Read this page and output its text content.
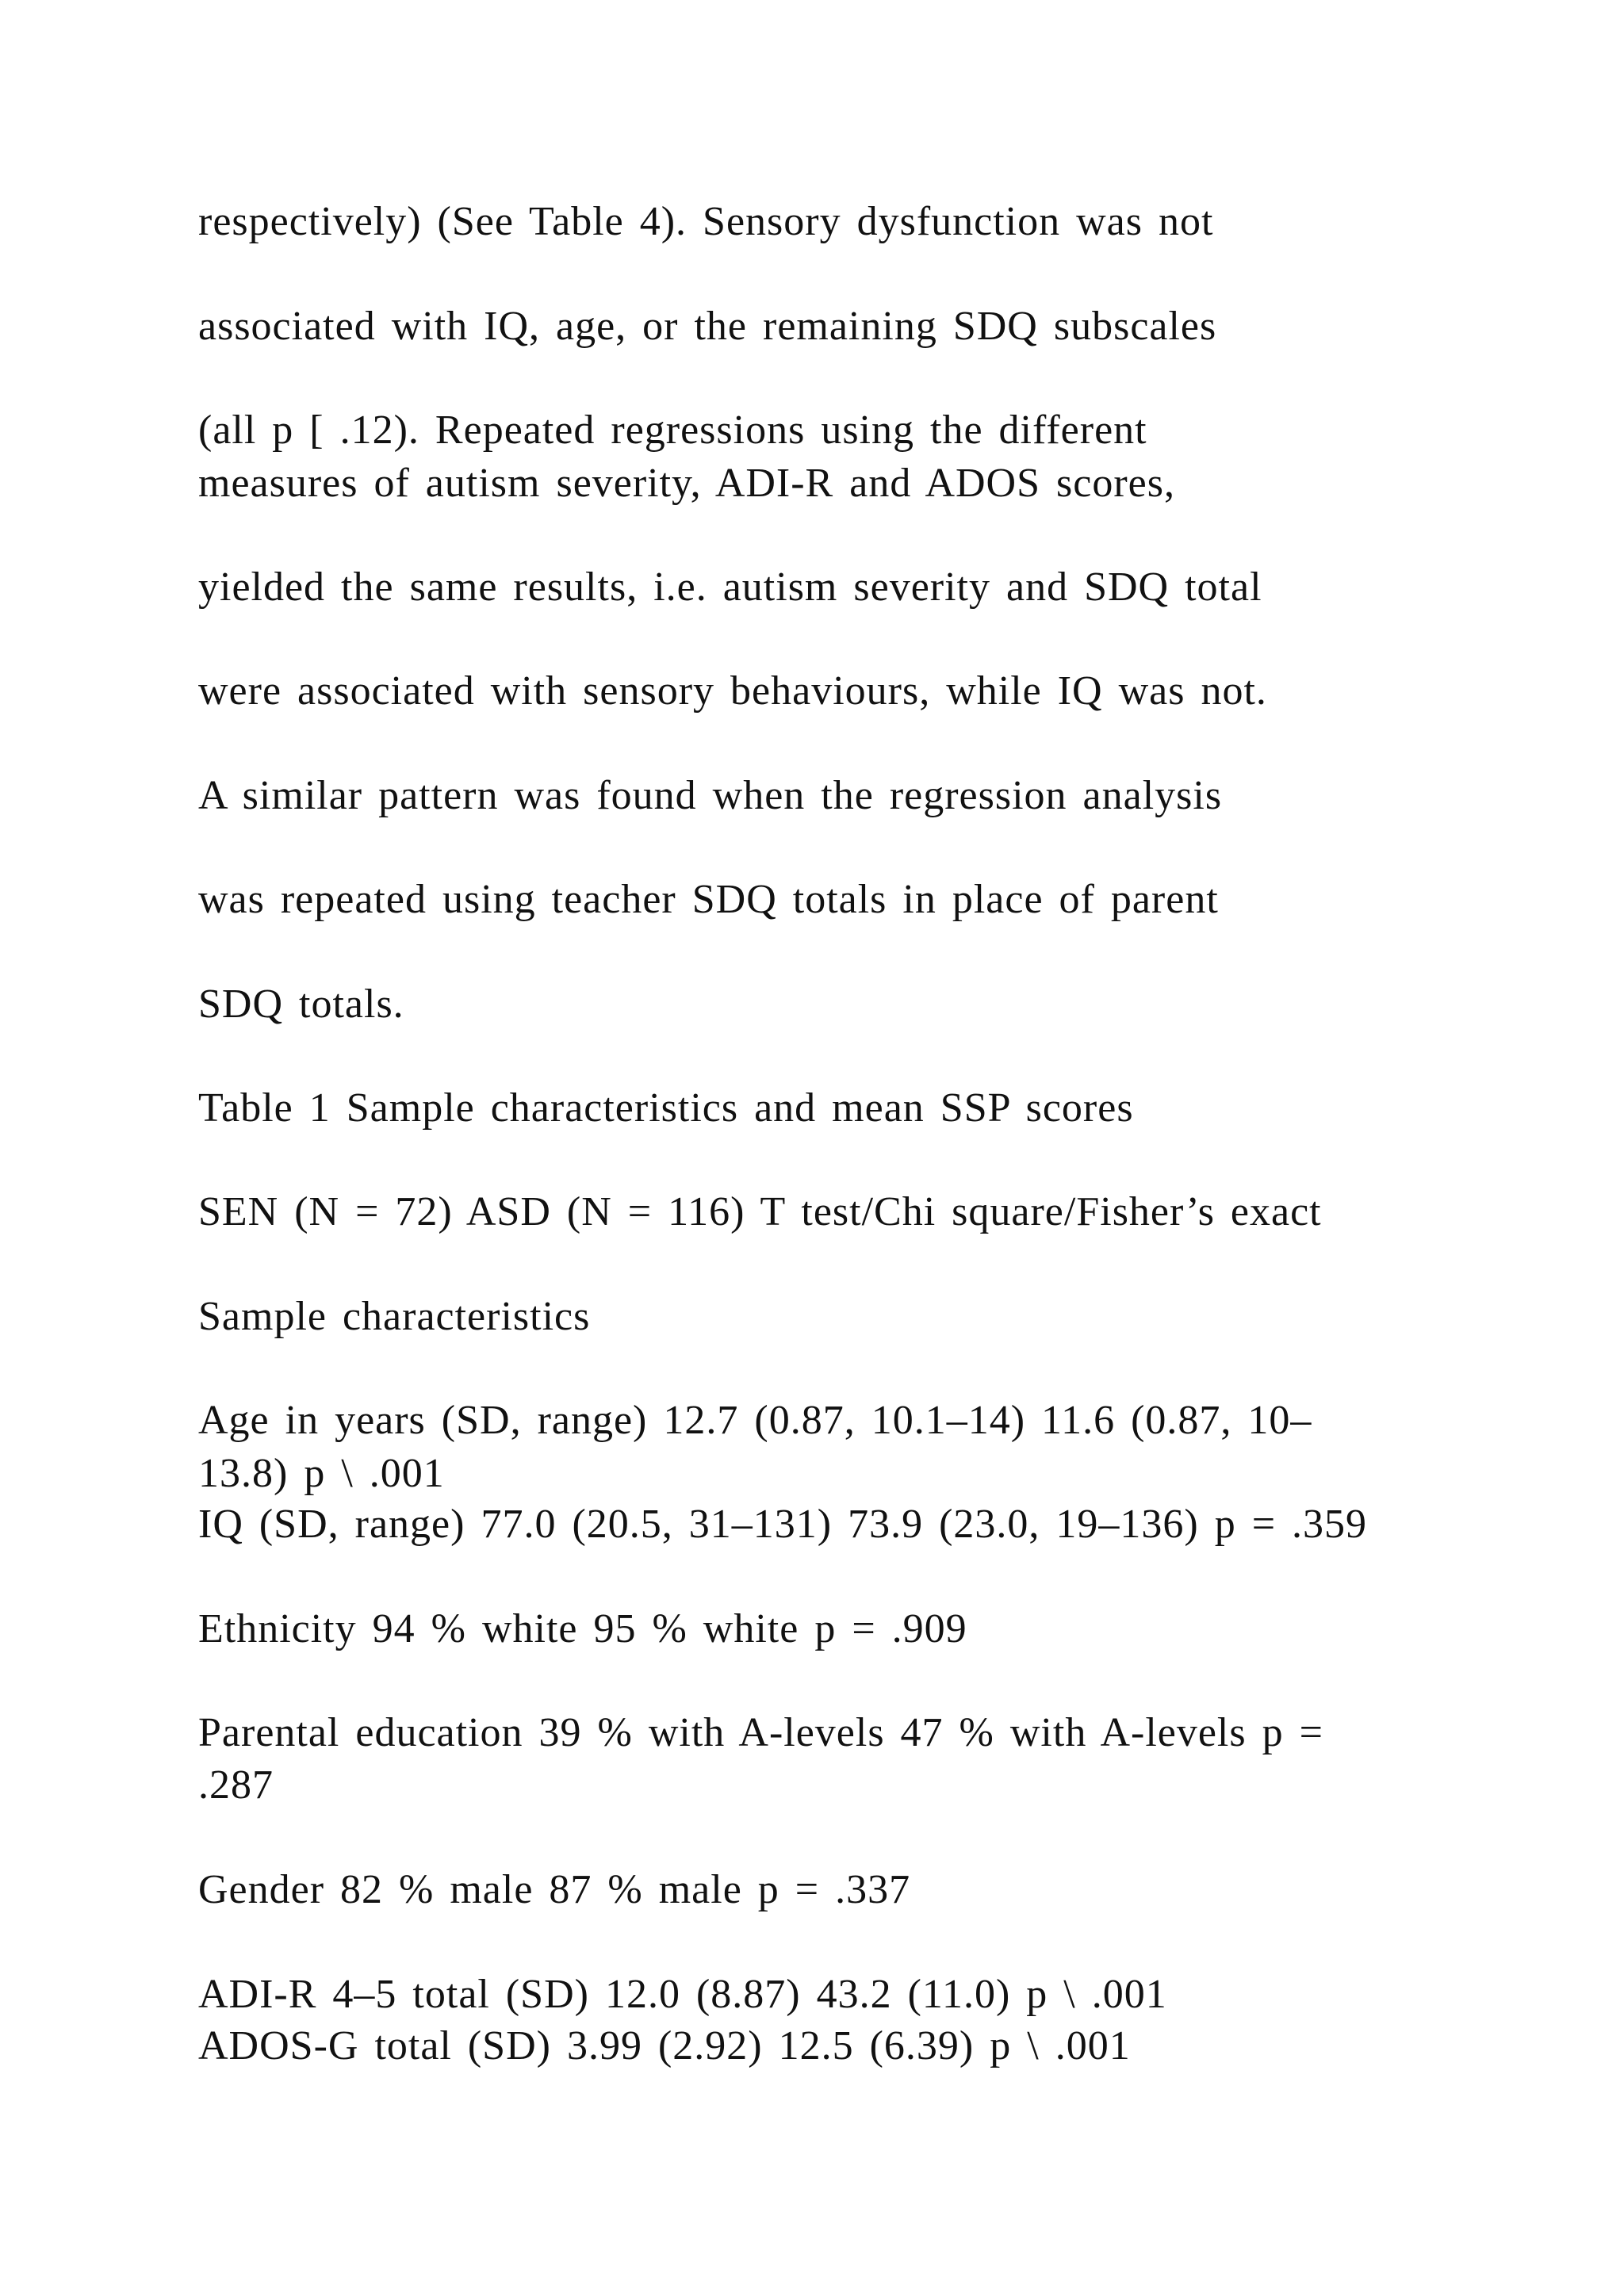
respectively) (See Table 4). Sensory dysfunction was not

associated with IQ, age, or the remaining SDQ subscales

(all p [ .12). Repeated regressions using the different

measures of autism severity, ADI-R and ADOS scores,

yielded the same results, i.e. autism severity and SDQ total

were associated with sensory behaviours, while IQ was not.

A similar pattern was found when the regression analysis

was repeated using teacher SDQ totals in place of parent

SDQ totals.

Table 1 Sample characteristics and mean SSP scores

SEN (N = 72) ASD (N = 116) T test/Chi square/Fisher’s exact

Sample characteristics

Age in years (SD, range) 12.7 (0.87, 10.1–14) 11.6 (0.87, 10–

13.8) p \ .001

IQ (SD, range) 77.0 (20.5, 31–131) 73.9 (23.0, 19–136) p = .359

Ethnicity 94 % white 95 % white p = .909

Parental education 39 % with A-levels 47 % with A-levels p =

.287

Gender 82 % male 87 % male p = .337

ADI-R 4–5 total (SD) 12.0 (8.87) 43.2 (11.0) p \ .001

ADOS-G total (SD) 3.99 (2.92) 12.5 (6.39) p \ .001
